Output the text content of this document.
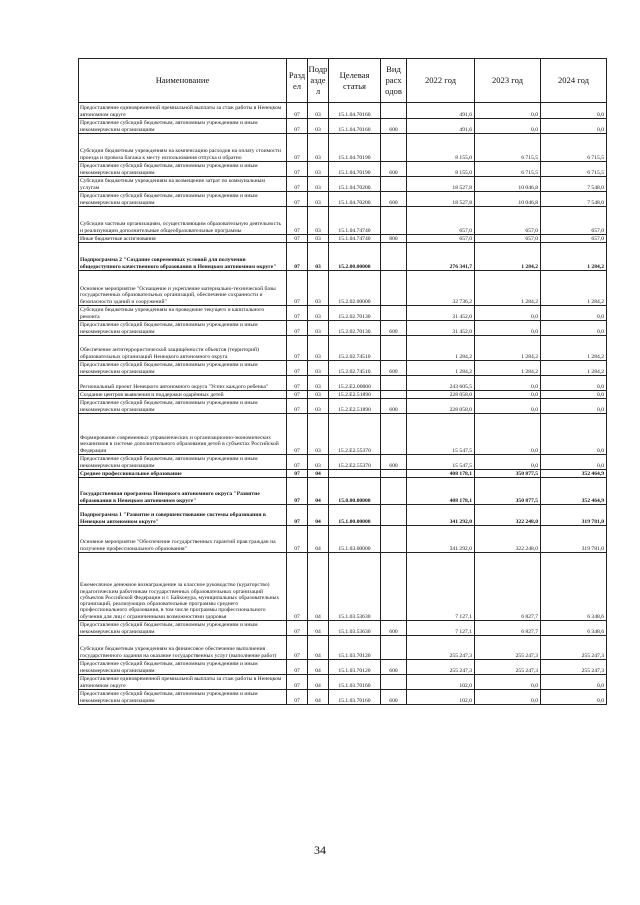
Наименование	Разд ел	Подр азде л	Целевая статья	Вид расх одов	2022 год	2023 год	2024 год
Предоставление единовременной премиальной выплаты за стаж работы в Ненецком автономном округе	07	03	15.1.04.70160		491,6	0,0	0,0
Предоставление субсидий бюджетным, автономным учреждениям и иным некоммерческим организациям	07	03	15.1.04.70160	600	491,6	0,0	0,0
Субсидии бюджетным учреждениям на компенсацию расходов на оплату стоимости проезда и провоза багажа к месту использования отпуска и обратно	07	03	15.1.04.70190		8 155,0	6 715,5	6 715,5
Предоставление субсидий бюджетным, автономным учреждениям и иным некоммерческим организациям	07	03	15.1.04.70190	600	8 155,0	6 715,5	6 715,5
Субсидии бюджетным учреждениям на возмещение затрат по коммунальным услугам	07	03	15.1.04.70200		18 527,8	10 046,8	7 548,0
Предоставление субсидий бюджетным, автономным учреждениям и иным некоммерческим организациям	07	03	15.1.04.70200	600	18 527,8	10 046,8	7 548,0
Субсидии частным организациям, осуществляющим образовательную деятельность и реализующим дополнительные общеобразовательные программы	07	03	15.1.04.74740		657,0	657,0	657,0
Иные бюджетные ассигнования	07	03	15.1.04.74740	800	657,0	657,0	657,0
Подпрограмма 2 "Создание современных условий для получения общедоступного качественного образования в Ненецком автономном округе"	07	03	15.2.00.00000		276 341,7	1 284,2	1 284,2
Основное мероприятие "Оснащение и укрепление материально-технической базы государственных образовательных организаций, обеспечение сохранности и безопасности зданий и сооружений"	07	03	15.2.02.00000		32 736,2	1 284,2	1 284,2
Субсидии бюджетным учреждениям на проведение текущего и капитального ремонта	07	03	15.2.02.70130		31 452,0	0,0	0,0
Предоставление субсидий бюджетным, автономным учреждениям и иным некоммерческим организациям	07	03	15.2.02.70130	600	31 452,0	0,0	0,0
Обеспечение антитеррористической защищённости объектов (территорий) образовательных организаций Ненецкого автономного округа	07	03	15.2.02.74510		1 284,2	1 284,2	1 284,2
Предоставление субсидий бюджетным, автономным учреждениям и иным некоммерческим организациям	07	03	15.2.02.74510	600	1 284,2	1 284,2	1 284,2
Региональный проект Ненецкого автономного округа "Успех каждого ребенка"	07	03	15.2.E2.00000		243 605,5	0,0	0,0
Создание центров выявления и поддержки одарённых детей	07	03	15.2.E2.51890		228 058,0	0,0	0,0
Предоставление субсидий бюджетным, автономным учреждениям и иным некоммерческим организациям	07	03	15.2.E2.51890	600	228 058,0	0,0	0,0
Формирование современных управленческих и организационно-экономических механизмов в системе дополнительного образования детей в субъектах Российской Федерации	07	03	15.2.E2.55370		15 547,5	0,0	0,0
Предоставление субсидий бюджетным, автономным учреждениям и иным некоммерческим организациям	07	03	15.2.E2.55370	600	15 547,5	0,0	0,0
Среднее профессиональное образование	07	04			408 178,1	350 877,5	352 464,9
Государственная программа Ненецкого автономного округа "Развитие образования в Ненецком автономном округе"	07	04	15.0.00.00000		408 178,1	350 877,5	352 464,9
Подпрограмма 1 "Развитие и совершенствование системы образования в Ненецком автономном округе"	07	04	15.1.00.00000		341 292,0	322 248,0	319 781,0
Основное мероприятие "Обеспечение государственных гарантий прав граждан на получение профессионального образования"	07	04	15.1.03.00000		341 292,0	322 248,0	319 781,0
Ежемесячное денежное вознаграждение за классное руководство (кураторство) педагогическим работникам государственных образовательных организаций субъектов Российской Федерации и г. Байконура, муниципальных образовательных организаций, реализующих образовательные программы среднего профессионального образования, в том числе программы профессионального обучения для лиц с ограниченными возможностями здоровья	07	04	15.1.03.53630		7 127,1	6 827,7	6 348,6
Предоставление субсидий бюджетным, автономным учреждениям и иным некоммерческим организациям	07	04	15.1.03.53630	600	7 127,1	6 827,7	6 348,6
Субсидии бюджетным учреждениям на финансовое обеспечение выполнения государственного задания на оказание государственных услуг (выполнение работ)	07	04	15.1.03.70120		255 247,3	255 247,3	255 247,3
Предоставление субсидий бюджетным, автономным учреждениям и иным некоммерческим организациям	07	04	15.1.03.70120	600	255 247,3	255 247,3	255 247,3
Предоставление единовременной премиальной выплаты за стаж работы в Ненецком автономном округе	07	04	15.1.03.70160		102,0	0,0	0,0
Предоставление субсидий бюджетным, автономным учреждениям и иным некоммерческим организациям	07	04	15.1.03.70160	600	102,0	0,0	0,0
34
